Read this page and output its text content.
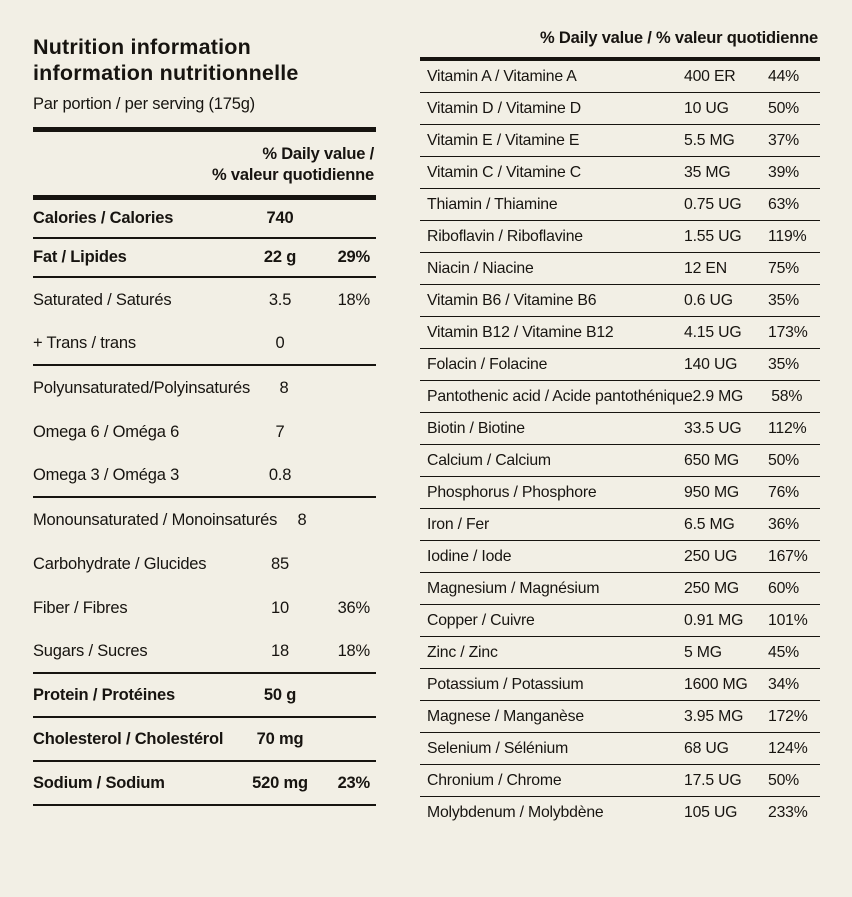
Nutrition information
information nutritionnelle
Par portion / per serving (175g)
% Daily value /
% valeur quotidienne
Calories / Calories	740
Fat / Lipides	22 g	29%
Saturated / Saturés	3.5	18%
+ Trans / trans	0
Polyunsaturated/Polyinsaturés	8
Omega 6 / Oméga 6	7
Omega 3 / Oméga 3	0.8
Monounsaturated / Monoinsaturés	8
Carbohydrate / Glucides	85
Fiber / Fibres	10	36%
Sugars / Sucres	18	18%
Protein / Protéines	50 g
Cholesterol / Cholestérol	70 mg
Sodium / Sodium	520 mg	23%
% Daily value / % valeur quotidienne
Vitamin A / Vitamine A	400 ER	44%
Vitamin D / Vitamine D	10 UG	50%
Vitamin E / Vitamine E	5.5 MG	37%
Vitamin C / Vitamine C	35 MG	39%
Thiamin / Thiamine	0.75 UG	63%
Riboflavin / Riboflavine	1.55 UG	119%
Niacin / Niacine	12 EN	75%
Vitamin B6 / Vitamine B6	0.6 UG	35%
Vitamin B12 / Vitamine B12	4.15 UG	173%
Folacin / Folacine	140 UG	35%
Pantothenic acid / Acide pantothénique 2.9 MG	58%
Biotin / Biotine	33.5 UG	112%
Calcium / Calcium	650 MG	50%
Phosphorus / Phosphore	950 MG	76%
Iron / Fer	6.5 MG	36%
Iodine / Iode	250 UG	167%
Magnesium / Magnésium	250 MG	60%
Copper / Cuivre	0.91 MG	101%
Zinc / Zinc	5 MG	45%
Potassium / Potassium	1600 MG	34%
Magnese / Manganèse	3.95 MG	172%
Selenium / Sélénium	68 UG	124%
Chronium / Chrome	17.5 UG	50%
Molybdenum / Molybdène	105 UG	233%
